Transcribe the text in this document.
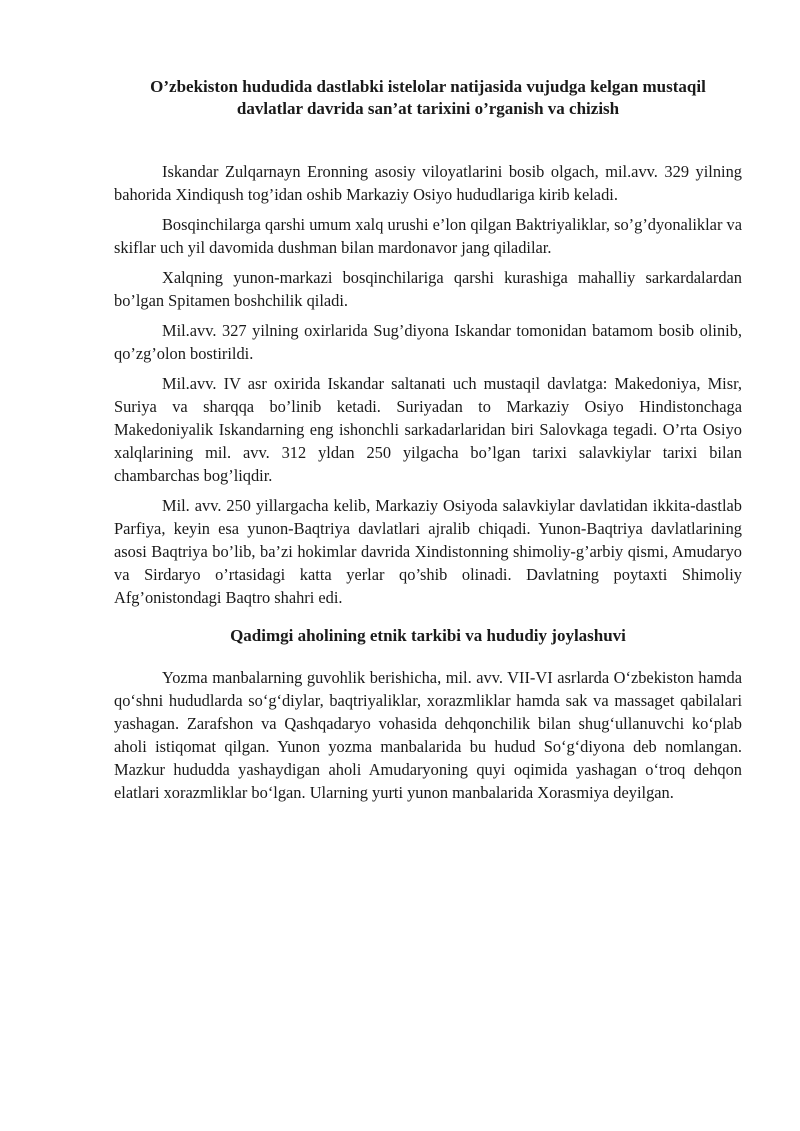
O’zbekiston hududida dastlabki istelolar natijasida vujudga kelgan mustaqil davlatlar davrida san’at tarixini o’rganish va chizish

Iskandar Zulqarnayn Eronning asosiy viloyatlarini bosib olgach, mil.avv. 329 yilning bahorida Xindiqush tog’idan oshib Markaziy Osiyo hududlariga kirib keladi.

Bosqinchilarga qarshi umum xalq urushi e’lon qilgan Baktriyaliklar, so’g’dyonaliklar va skiflar uch yil davomida dushman bilan mardonavor jang qiladilar.

Xalqning yunon-markazi bosqinchilariga qarshi kurashiga mahalliy sarkardalardan bo’lgan Spitamen boshchilik qiladi.

Mil.avv. 327 yilning oxirlarida Sug’diyona Iskandar tomonidan batamom bosib olinib, qo’zg’olon bostirildi.

Mil.avv. IV asr oxirida Iskandar saltanati uch mustaqil davlatga: Makedoniya, Misr, Suriya va sharqqa bo’linib ketadi. Suriyadan to Markaziy Osiyo Hindistonchaga Makedoniyalik Iskandarning eng ishonchli sarkadarlaridan biri Salovkaga tegadi. O’rta Osiyo xalqlarining mil. avv. 312 yldan 250 yilgacha bo’lgan tarixi salavkiylar tarixi bilan chambarchas bog’liqdir.

Mil. avv. 250 yillargacha kelib, Markaziy Osiyoda salavkiylar davlatidan ikkita-dastlab Parfiya, keyin esa yunon-Baqtriya davlatlari ajralib chiqadi. Yunon-Baqtriya davlatlarining asosi Baqtriya bo’lib, ba’zi hokimlar davrida Xindistonning shimoliy-g’arbiy qismi, Amudaryo va Sirdaryo o’rtasidagi katta yerlar qo’shib olinadi. Davlatning poytaxti Shimoliy Afg’onistondagi Baqtro shahri edi.

Qadimgi aholining etnik tarkibi va hududiy joylashuvi

Yozma manbalarning guvohlik berishicha, mil. avv. VII-VI asrlarda O‘zbekiston hamda qo‘shni hududlarda so‘g‘diylar, baqtriyaliklar, xorazmliklar hamda sak va massaget qabilalari yashagan. Zarafshon va Qashqadaryo vohasida dehqonchilik bilan shug‘ullanuvchi ko‘plab aholi istiqomat qilgan. Yunon yozma manbalarida bu hudud So‘g‘diyona deb nomlangan. Mazkur hududda yashaydigan aholi Amudaryoning quyi oqimida yashagan o‘troq dehqon elatlari xorazmliklar bo‘lgan. Ularning yurti yunon manbalarida Xorasmiya deyilgan.
